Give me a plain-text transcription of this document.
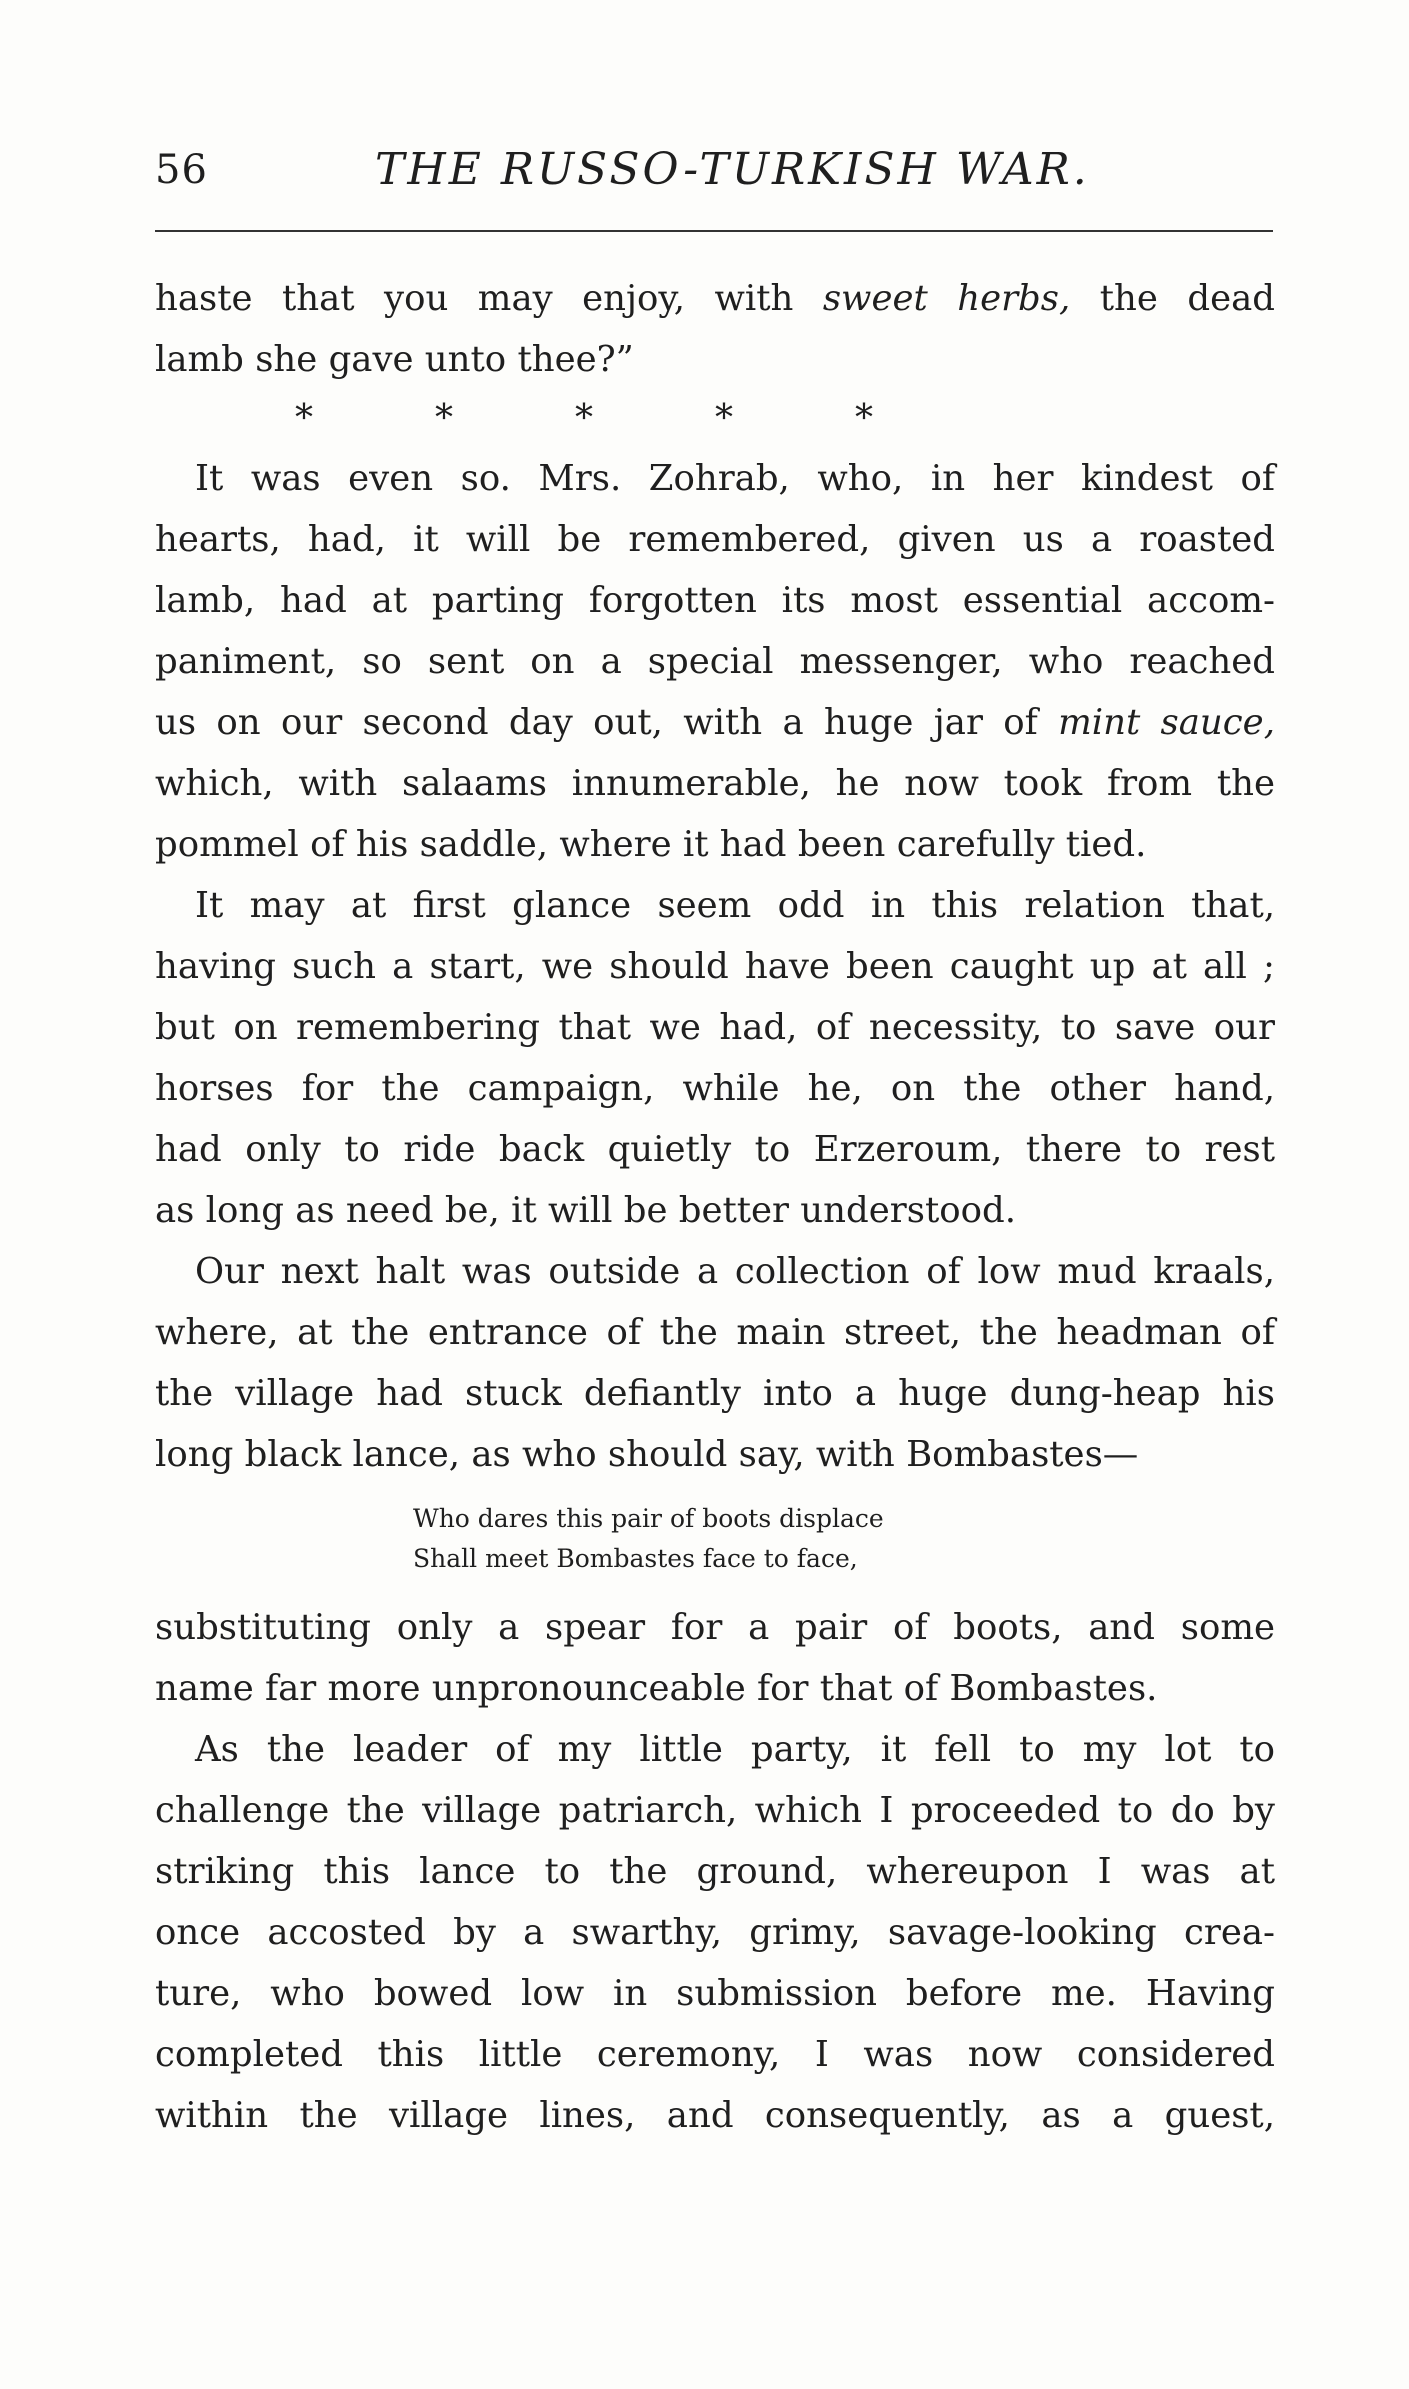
56	THE RUSSO-TURKISH WAR.
haste that you may enjoy, with sweet herbs, the dead
lamb she gave unto thee?”
*	*	*	*	*
It was even so. Mrs. Zohrab, who, in her kindest of
hearts, had, it will be remembered, given us a roasted
lamb, had at parting forgotten its most essential accom-
paniment, so sent on a special messenger, who reached
us on our second day out, with a huge jar of mint sauce,
which, with salaams innumerable, he now took from the
pommel of his saddle, where it had been carefully tied.
It may at first glance seem odd in this relation that,
having such a start, we should have been caught up at all ;
but on remembering that we had, of necessity, to save our
horses for the campaign, while he, on the other hand,
had only to ride back quietly to Erzeroum, there to rest
as long as need be, it will be better understood.
Our next halt was outside a collection of low mud kraals,
where, at the entrance of the main street, the headman of
the village had stuck defiantly into a huge dung-heap his
long black lance, as who should say, with Bombastes—
Who dares this pair of boots displace
Shall meet Bombastes face to face,
substituting only a spear for a pair of boots, and some
name far more unpronounceable for that of Bombastes.
As the leader of my little party, it fell to my lot to
challenge the village patriarch, which I proceeded to do by
striking this lance to the ground, whereupon I was at
once accosted by a swarthy, grimy, savage-looking crea-
ture, who bowed low in submission before me. Having
completed this little ceremony, I was now considered
within the village lines, and consequently, as a guest,
